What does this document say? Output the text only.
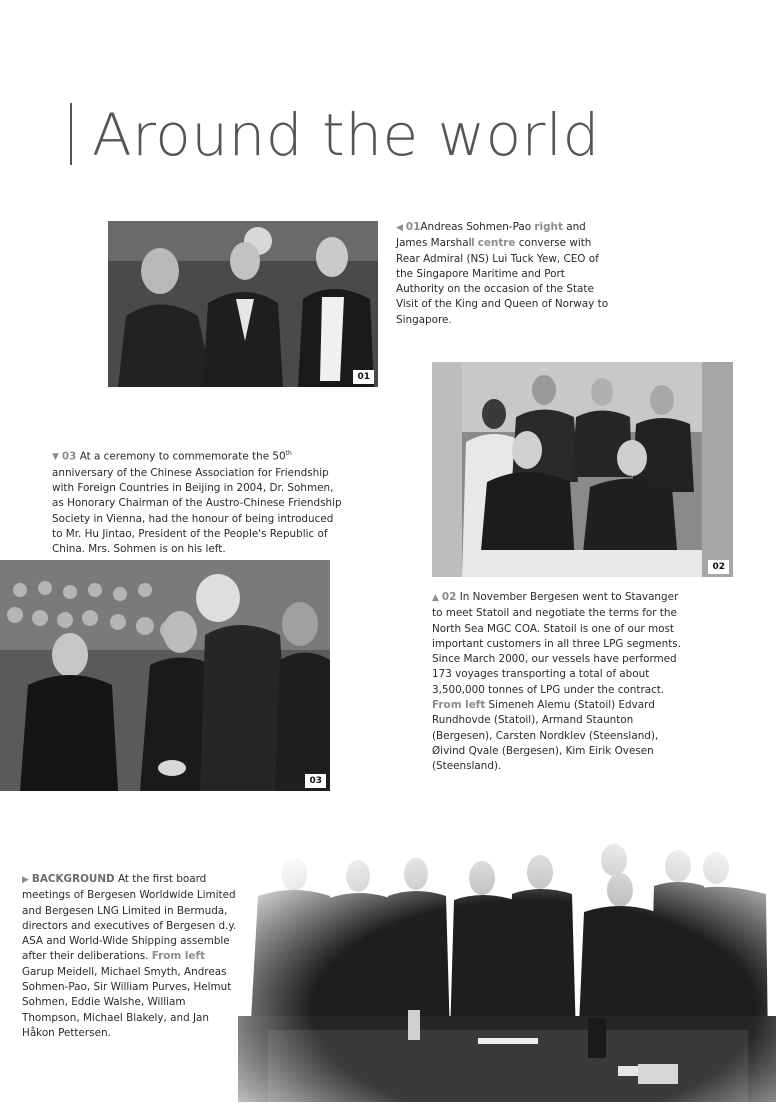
Around the world
01
◀ 01Andreas Sohmen-Pao right and James Marshall centre converse with Rear Admiral (NS) Lui Tuck Yew, CEO of the Singapore Maritime and Port Authority on the occasion of the State Visit of the King and Queen of Norway to Singapore.
02
▼ 03 At a ceremony to commemorate the 50th anniversary of the Chinese Association for Friendship with Foreign Countries in Beijing in 2004, Dr. Sohmen, as Honorary Chairman of the Austro-Chinese Friendship Society in Vienna, had the honour of being introduced to Mr. Hu Jintao, President of the People's Republic of China. Mrs. Sohmen is on his left.
03
▲ 02 In November Bergesen went to Stavanger to meet Statoil and negotiate the terms for the North Sea MGC COA. Statoil is one of our most important customers in all three LPG segments. Since March 2000, our vessels have performed 173 voyages transporting a total of about 3,500,000 tonnes of LPG under the contract. From left Simeneh Alemu (Statoil) Edvard Rundhovde (Statoil), Armand Staunton (Bergesen), Carsten Nordklev (Steensland), Øivind Qvale (Bergesen), Kim Eirik Ovesen (Steensland).
▶ BACKGROUND At the first board meetings of Bergesen Worldwide Limited and Bergesen LNG Limited in Bermuda, directors and executives of Bergesen d.y. ASA and World-Wide Shipping assemble after their deliberations. From left Garup Meidell, Michael Smyth, Andreas Sohmen-Pao, Sir William Purves, Helmut Sohmen, Eddie Walshe, William Thompson, Michael Blakely, and Jan Håkon Pettersen.
